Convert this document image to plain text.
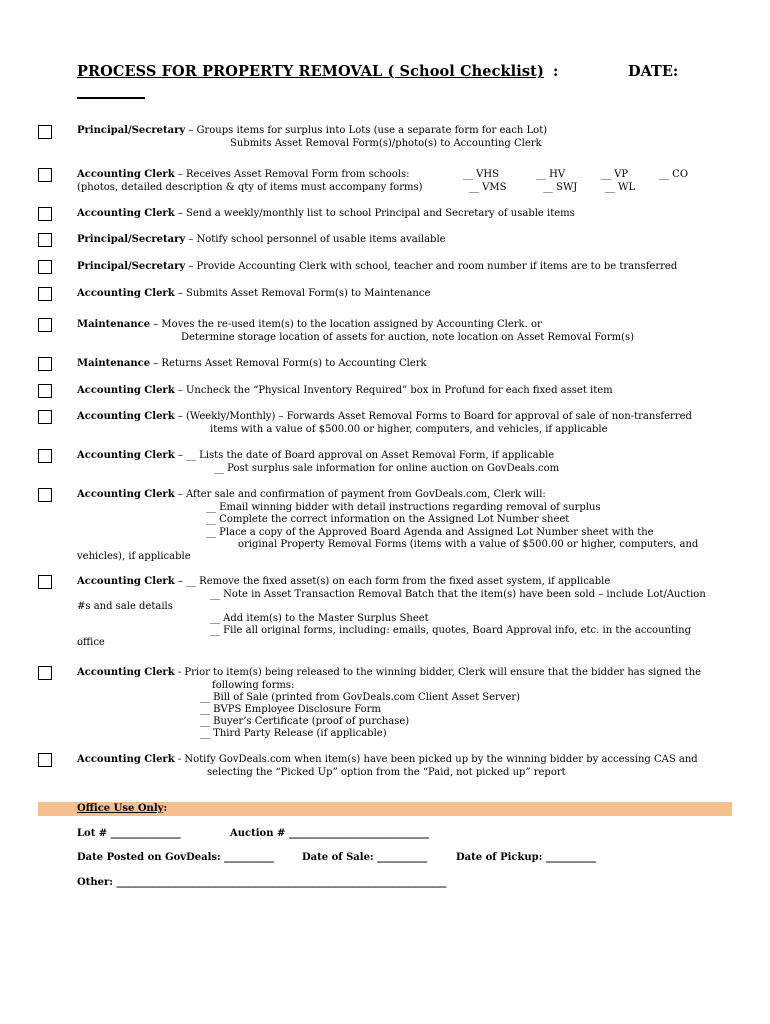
PROCESS FOR PROPERTY REMOVAL ( School Checklist) :	DATE:
Principal/Secretary – Groups items for surplus into Lots (use a separate form for each Lot)
Submits Asset Removal Form(s)/photo(s) to Accounting Clerk
Accounting Clerk – Receives Asset Removal Form from schools:
(photos, detailed description & qty of items must accompany forms)
__ VHS	__ HV	__ VP	__ CO
__ VMS	__ SWJ	__ WL
Accounting Clerk – Send a weekly/monthly list to school Principal and Secretary of usable items
Principal/Secretary – Notify school personnel of usable items available
Principal/Secretary – Provide Accounting Clerk with school, teacher and room number if items are to be transferred
Accounting Clerk – Submits Asset Removal Form(s) to Maintenance
Maintenance – Moves the re-used item(s) to the location assigned by Accounting Clerk. or
Determine storage location of assets for auction, note location on Asset Removal Form(s)
Maintenance – Returns Asset Removal Form(s) to Accounting Clerk
Accounting Clerk – Uncheck the “Physical Inventory Required” box in Profund for each fixed asset item
Accounting Clerk – (Weekly/Monthly) – Forwards Asset Removal Forms to Board for approval of sale of non-transferred
items with a value of $500.00 or higher, computers, and vehicles, if applicable
Accounting Clerk – __ Lists the date of Board approval on Asset Removal Form, if applicable
__ Post surplus sale information for online auction on GovDeals.com
Accounting Clerk – After sale and confirmation of payment from GovDeals.com, Clerk will:
__ Email winning bidder with detail instructions regarding removal of surplus
__ Complete the correct information on the Assigned Lot Number sheet
__ Place a copy of the Approved Board Agenda and Assigned Lot Number sheet with the
original Property Removal Forms (items with a value of $500.00 or higher, computers, and
vehicles), if applicable
Accounting Clerk – __ Remove the fixed asset(s) on each form from the fixed asset system, if applicable
__ Note in Asset Transaction Removal Batch that the item(s) have been sold – include Lot/Auction
#s and sale details
__ Add item(s) to the Master Surplus Sheet
__ File all original forms, including: emails, quotes, Board Approval info, etc. in the accounting
office
Accounting Clerk - Prior to item(s) being released to the winning bidder, Clerk will ensure that the bidder has signed the
following forms:
__ Bill of Sale (printed from GovDeals.com Client Asset Server)
__ BVPS Employee Disclosure Form
__ Buyer’s Certificate (proof of purchase)
__ Third Party Release (if applicable)
Accounting Clerk - Notify GovDeals.com when item(s) have been picked up by the winning bidder by accessing CAS and
selecting the “Picked Up” option from the “Paid, not picked up” report
Office Use Only:
Lot # ______________	Auction # ____________________________
Date Posted on GovDeals: __________	Date of Sale: __________	Date of Pickup: __________
Other: __________________________________________________________________
